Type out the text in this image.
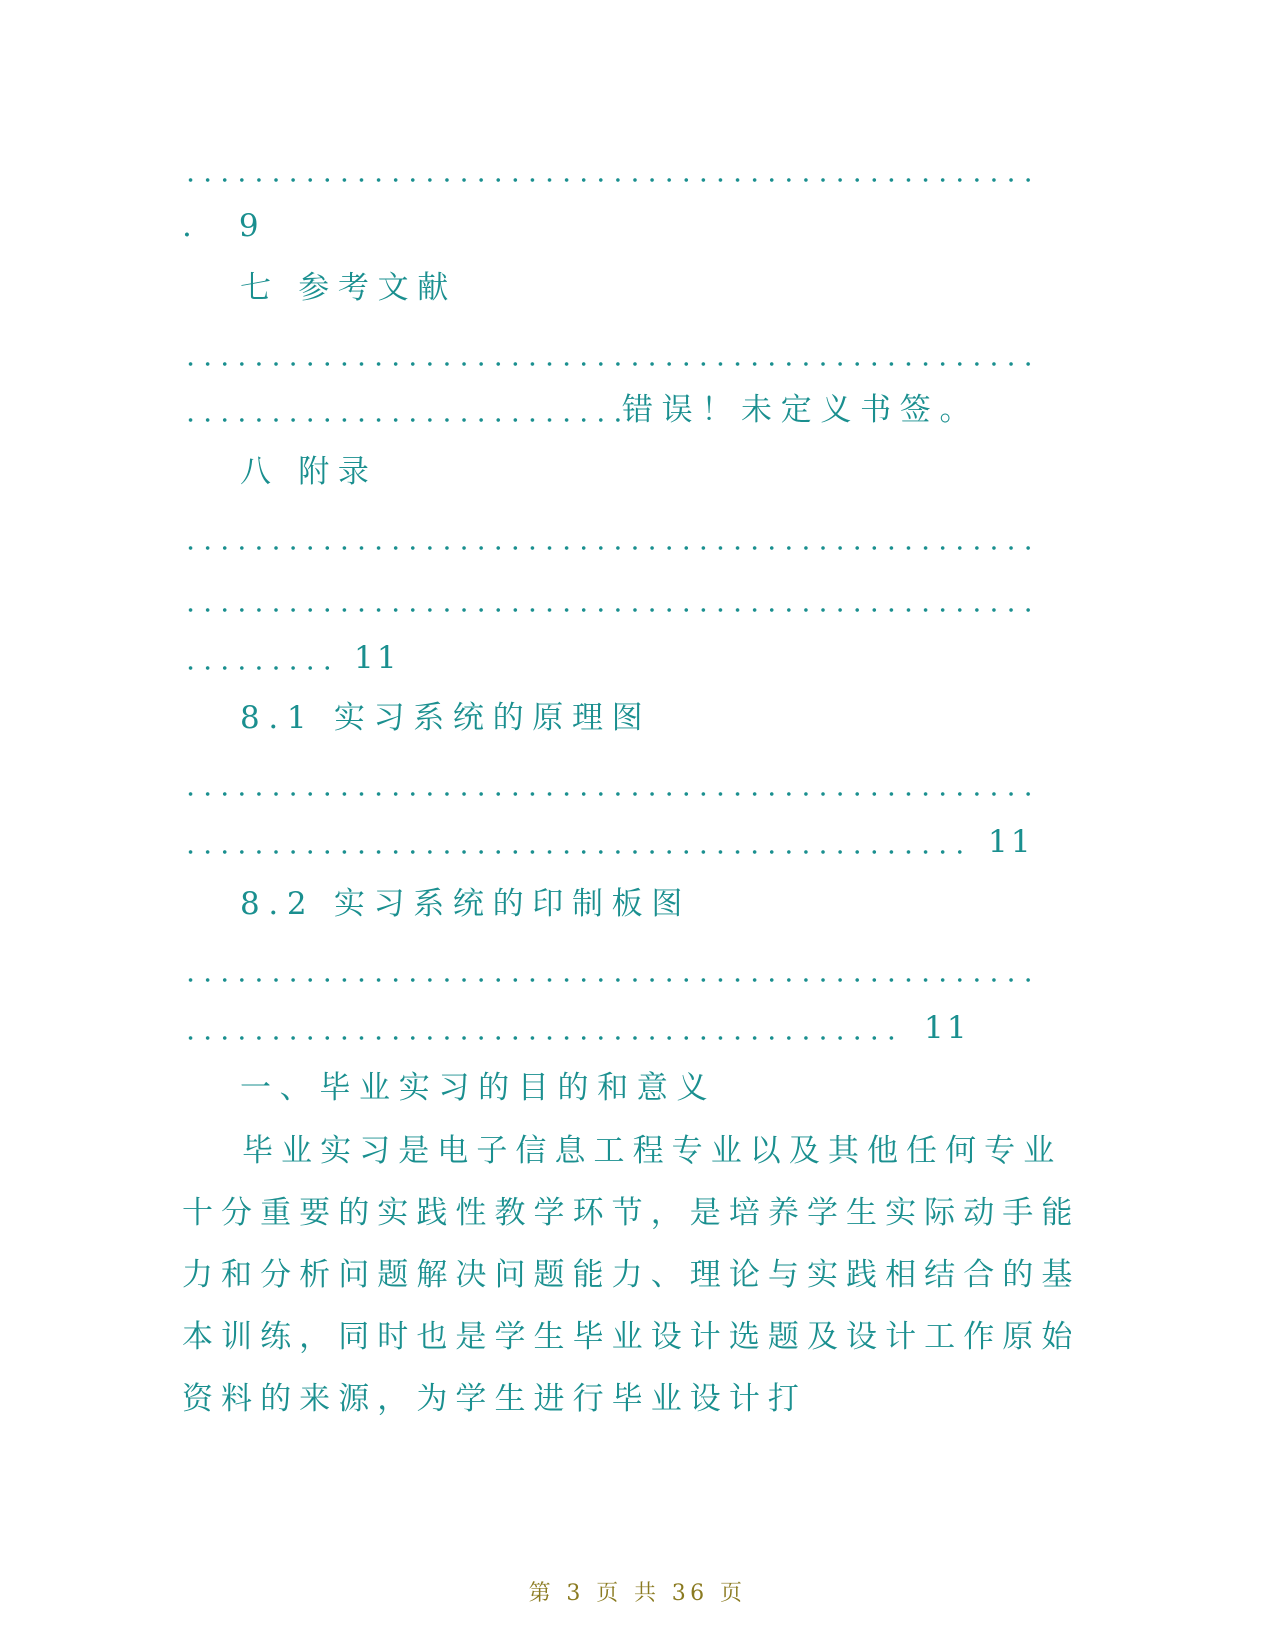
. 9
七 参考文献
错误！未定义书签。
八 附录
11
8.1 实习系统的原理图
11
8.2 实习系统的印制板图
11
一、毕业实习的目的和意义
毕业实习是电子信息工程专业以及其他任何专业十分重要的实践性教学环节，是培养学生实际动手能力和分析问题解决问题能力、理论与实践相结合的基本训练，同时也是学生毕业设计选题及设计工作原始资料的来源，为学生进行毕业设计打
第 3 页 共 36 页
